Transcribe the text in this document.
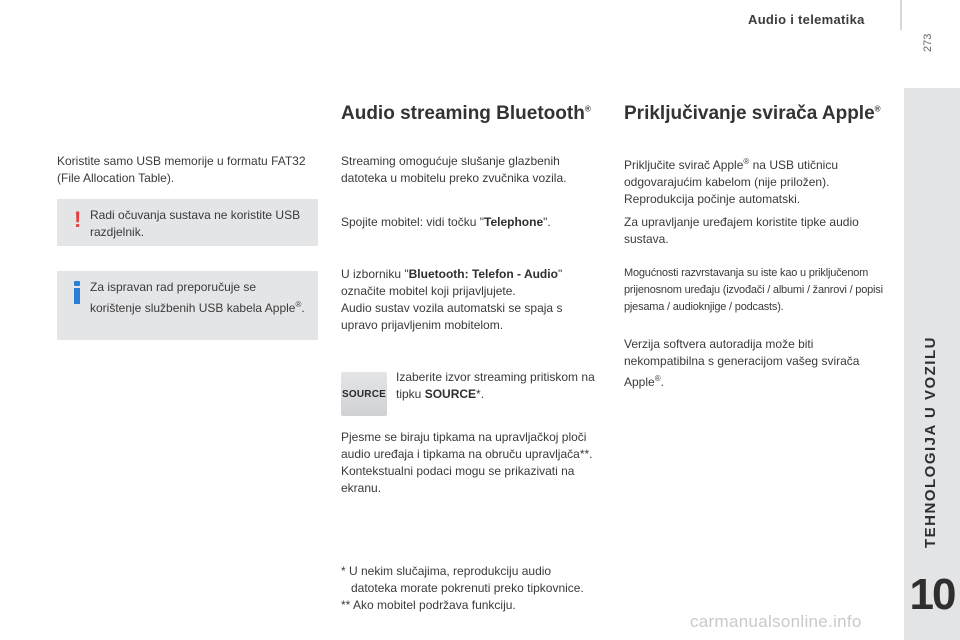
Audio i telematika
273
TEHNOLOGIJA U VOZILU
10
Koristite samo USB memorije u formatu FAT32 (File Allocation Table).
! Radi očuvanja sustava ne koristite USB razdjelnik.
Za ispravan rad preporučuje se korištenje službenih USB kabela Apple®.
Audio streaming Bluetooth®
Streaming omogućuje slušanje glazbenih datoteka u mobitelu preko zvučnika vozila.
Spojite mobitel: vidi točku "Telephone".
U izborniku "Bluetooth: Telefon - Audio" označite mobitel koji prijavljujete.
Audio sustav vozila automatski se spaja s upravo prijavljenim mobitelom.
SOURCE
Izaberite izvor streaming pritiskom na tipku SOURCE*.
Pjesme se biraju tipkama na upravljačkoj ploči audio uređaja i tipkama na obruču upravljača**.
Kontekstualni podaci mogu se prikazivati na ekranu.
* U nekim slučajima, reprodukciju audio
datoteka morate pokrenuti preko tipkovnice.
** Ako mobitel podržava funkciju.
Priključivanje svirača Apple®
Priključite svirač Apple® na USB utičnicu odgovarajućim kabelom (nije priložen).
Reprodukcija počinje automatski.
Za upravljanje uređajem koristite tipke audio sustava.
Mogućnosti razvrstavanja su iste kao u priključenom prijenosnom uređaju (izvođači / albumi / žanrovi / popisi pjesama / audioknjige / podcasts).
Verzija softvera autoradija može biti nekompatibilna s generacijom vašeg svirača Apple®.
carmanualsonline.info
